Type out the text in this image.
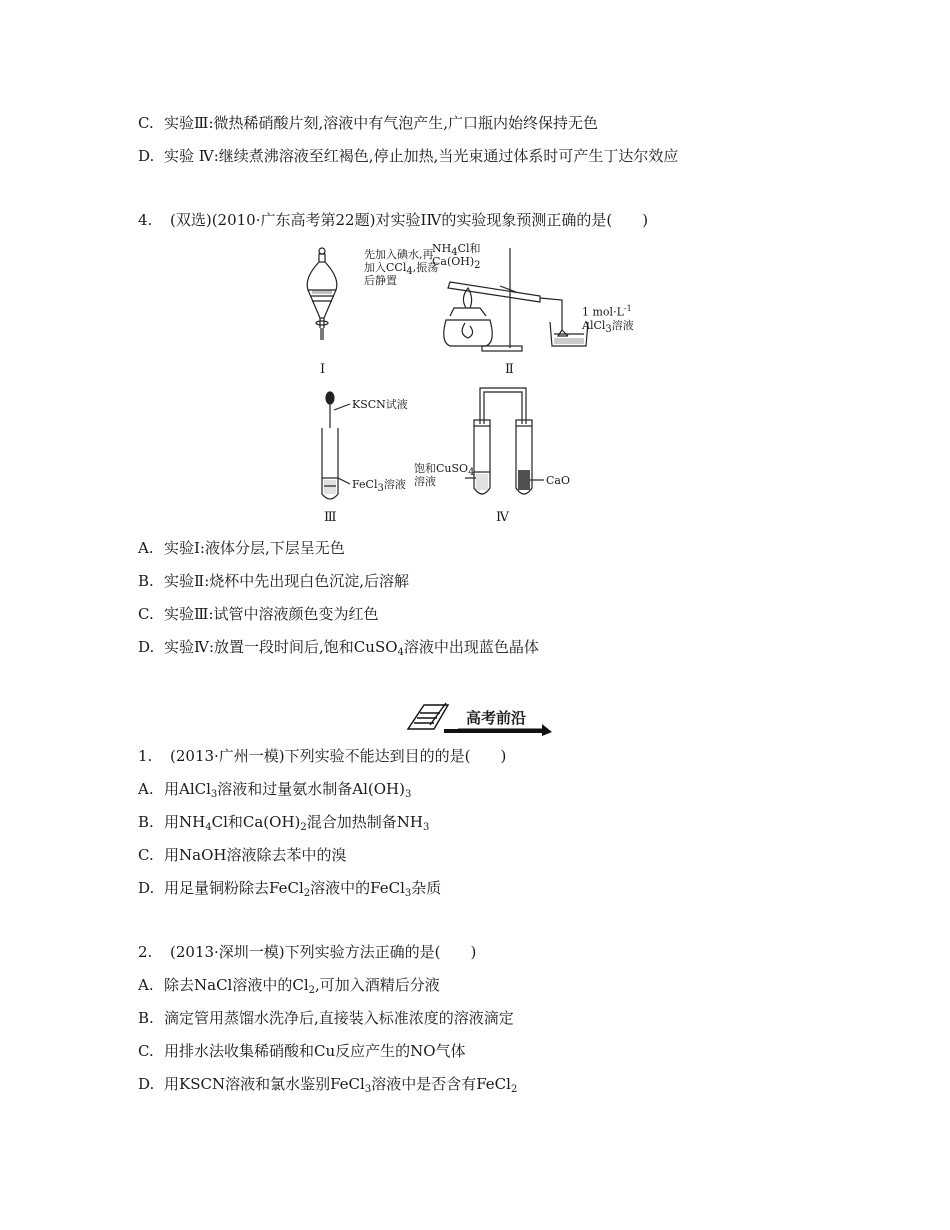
C. 实验Ⅲ:微热稀硝酸片刻,溶液中有气泡产生,广口瓶内始终保持无色
D. 实验 Ⅳ:继续煮沸溶液至红褐色,停止加热,当光束通过体系时可产生丁达尔效应
4. (双选)(2010·广东高考第22题)对实验ⅠⅣ的实验现象预测正确的是(　　)
先加入碘水,再
加入CCl$_4$,振荡
后静置
$NH_4Cl$和
$Ca(OH)_2$
1 $mol\cdot L^{-1}$
AlCl$_3$溶液
Ⅰ	Ⅱ
KSCN试液
FeCl$_3$溶液
饱和CuSO$_4$
溶液	CaO
Ⅲ	Ⅳ
A. 实验Ⅰ:液体分层,下层呈无色
B. 实验Ⅱ:烧杯中先出现白色沉淀,后溶解
C. 实验Ⅲ:试管中溶液颜色变为红色
D. 实验Ⅳ:放置一段时间后,饱和CuSO$_4$溶液中出现蓝色晶体
高考前沿
1. (2013·广州一模)下列实验不能达到目的的是(　　)
A. 用AlCl$_3$溶液和过量氨水制备$Al(OH)_3$
B. 用$NH_4Cl$和$Ca(OH)_2$混合加热制备$NH_3$
C. 用NaOH溶液除去苯中的溴
D. 用足量铜粉除去FeCl$_2$溶液中的FeCl$_3$杂质
2. (2013·深圳一模)下列实验方法正确的是(　　)
A. 除去NaCl溶液中的$Cl_2$,可加入酒精后分液
B. 滴定管用蒸馏水洗净后,直接装入标准浓度的溶液滴定
C. 用排水法收集稀硝酸和Cu反应产生的NO气体
D. 用KSCN溶液和氯水鉴别FeCl$_3$溶液中是否含有FeCl$_2$
